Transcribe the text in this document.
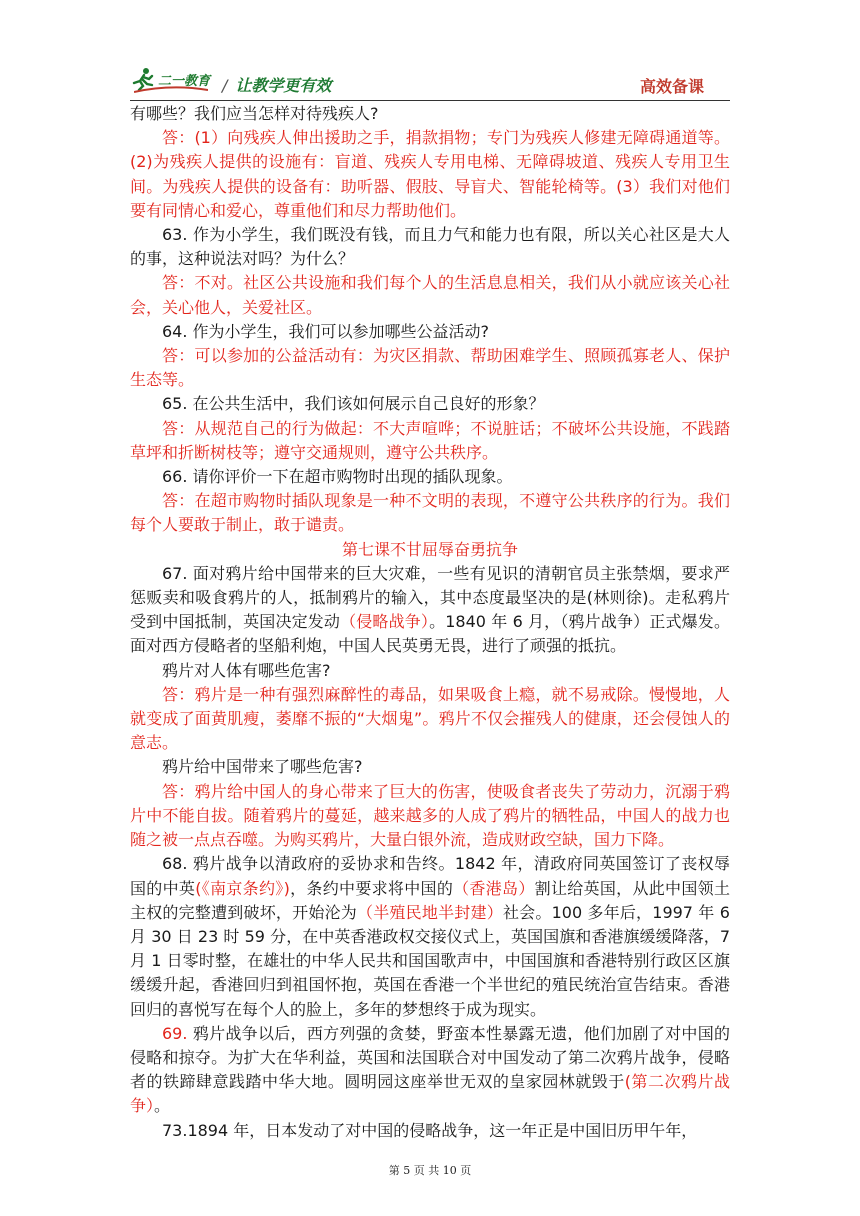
二一教育 / 让教学更有效	高效备课

有哪些？我们应当怎样对待残疾人?

答：(1）向残疾人伸出援助之手，捐款捐物；专门为残疾人修建无障碍通道等。(2)为残疾人提供的设施有：盲道、残疾人专用电梯、无障碍坡道、残疾人专用卫生间。为残疾人提供的设备有：助听器、假肢、导盲犬、智能轮椅等。(3）我们对他们要有同情心和爱心，尊重他们和尽力帮助他们。

63. 作为小学生，我们既没有钱，而且力气和能力也有限，所以关心社区是大人的事，这种说法对吗？为什么？

答：不对。社区公共设施和我们每个人的生活息息相关，我们从小就应该关心社会，关心他人，关爱社区。

64. 作为小学生，我们可以参加哪些公益活动?

答：可以参加的公益活动有：为灾区捐款、帮助困难学生、照顾孤寡老人、保护生态等。

65. 在公共生活中，我们该如何展示自己良好的形象？

答：从规范自己的行为做起：不大声喧哗；不说脏话；不破坏公共设施，不践踏草坪和折断树枝等；遵守交通规则，遵守公共秩序。

66. 请你评价一下在超市购物时出现的插队现象。

答：在超市购物时插队现象是一种不文明的表现，不遵守公共秩序的行为。我们每个人要敢于制止，敢于谴责。

第七课不甘屈辱奋勇抗争

67. 面对鸦片给中国带来的巨大灾难，一些有见识的清朝官员主张禁烟，要求严惩贩卖和吸食鸦片的人，抵制鸦片的输入，其中态度最坚决的是(林则徐)。走私鸦片受到中国抵制，英国决定发动（侵略战争）。1840 年 6 月，（鸦片战争）正式爆发。面对西方侵略者的坚船利炮，中国人民英勇无畏，进行了顽强的抵抗。

鸦片对人体有哪些危害?

答：鸦片是一种有强烈麻醉性的毒品，如果吸食上瘾，就不易戒除。慢慢地，人就变成了面黄肌瘦，萎靡不振的“大烟鬼”。鸦片不仅会摧残人的健康，还会侵蚀人的意志。

鸦片给中国带来了哪些危害?

答：鸦片给中国人的身心带来了巨大的伤害，使吸食者丧失了劳动力，沉溺于鸦片中不能自拔。随着鸦片的蔓延，越来越多的人成了鸦片的牺牲品，中国人的战力也随之被一点点吞噬。为购买鸦片，大量白银外流，造成财政空缺，国力下降。

68. 鸦片战争以清政府的妥协求和告终。1842 年，清政府同英国签订了丧权辱国的中英(《南京条约》)，条约中要求将中国的（香港岛）割让给英国，从此中国领土主权的完整遭到破坏，开始沦为（半殖民地半封建）社会。100 多年后，1997 年 6 月 30 日 23 时 59 分，在中英香港政权交接仪式上，英国国旗和香港旗缓缓降落，7 月 1 日零时整，在雄壮的中华人民共和国国歌声中，中国国旗和香港特别行政区区旗缓缓升起，香港回归到祖国怀抱，英国在香港一个半世纪的殖民统治宣告结束。香港回归的喜悦写在每个人的脸上，多年的梦想终于成为现实。

69. 鸦片战争以后，西方列强的贪婪，野蛮本性暴露无遗，他们加剧了对中国的侵略和掠夺。为扩大在华利益，英国和法国联合对中国发动了第二次鸦片战争，侵略者的铁蹄肆意践踏中华大地。圆明园这座举世无双的皇家园林就毁于(第二次鸦片战争）。

73.1894 年，日本发动了对中国的侵略战争，这一年正是中国旧历甲午年，

第 5 页 共 10 页
